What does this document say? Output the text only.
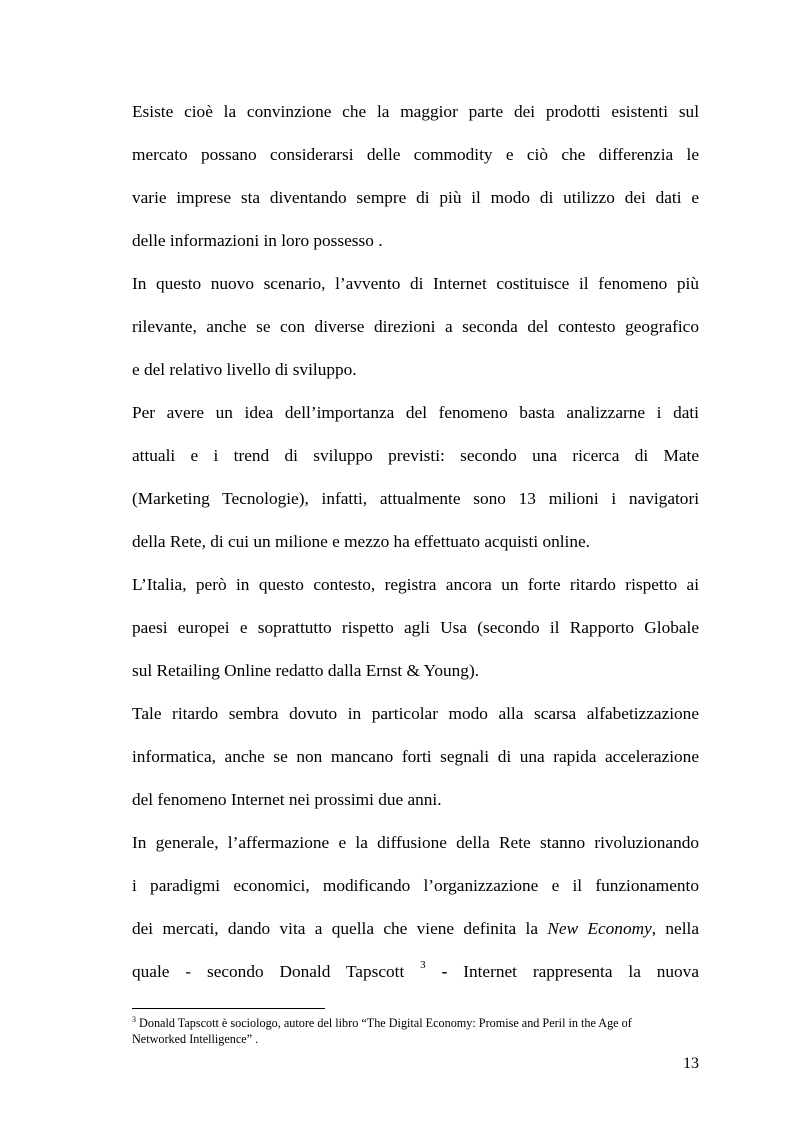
Esiste cioè la convinzione che la maggior parte dei prodotti esistenti sul
mercato possano considerarsi delle commodity e ciò che differenzia le
varie imprese sta diventando sempre di più il modo di utilizzo dei dati e
delle informazioni in loro possesso .
In questo nuovo scenario, l’avvento di Internet costituisce il fenomeno più
rilevante, anche se con diverse direzioni a seconda del contesto geografico
e del relativo livello di sviluppo.
Per avere un idea dell’importanza del fenomeno basta analizzarne i dati
attuali e i trend di sviluppo previsti: secondo una ricerca di Mate
(Marketing Tecnologie), infatti, attualmente sono 13 milioni i navigatori
della Rete, di cui un milione e mezzo ha effettuato acquisti online.
L’Italia, però in questo contesto, registra ancora un forte ritardo rispetto ai
paesi europei e soprattutto rispetto agli Usa (secondo il Rapporto Globale
sul Retailing Online redatto dalla Ernst & Young).
Tale ritardo sembra dovuto in particolar modo alla scarsa alfabetizzazione
informatica, anche se non mancano forti segnali di una rapida accelerazione
del fenomeno Internet nei prossimi due anni.
In generale, l’affermazione e la diffusione della Rete stanno rivoluzionando
i paradigmi economici, modificando l’organizzazione e il funzionamento
dei mercati, dando vita a quella che viene definita la New Economy, nella
quale - secondo Donald Tapscott $^3$ - Internet rappresenta la nuova
$^3$ Donald Tapscott è sociologo, autore del libro “The Digital Economy: Promise and Peril in the Age of
Networked Intelligence” .
13
